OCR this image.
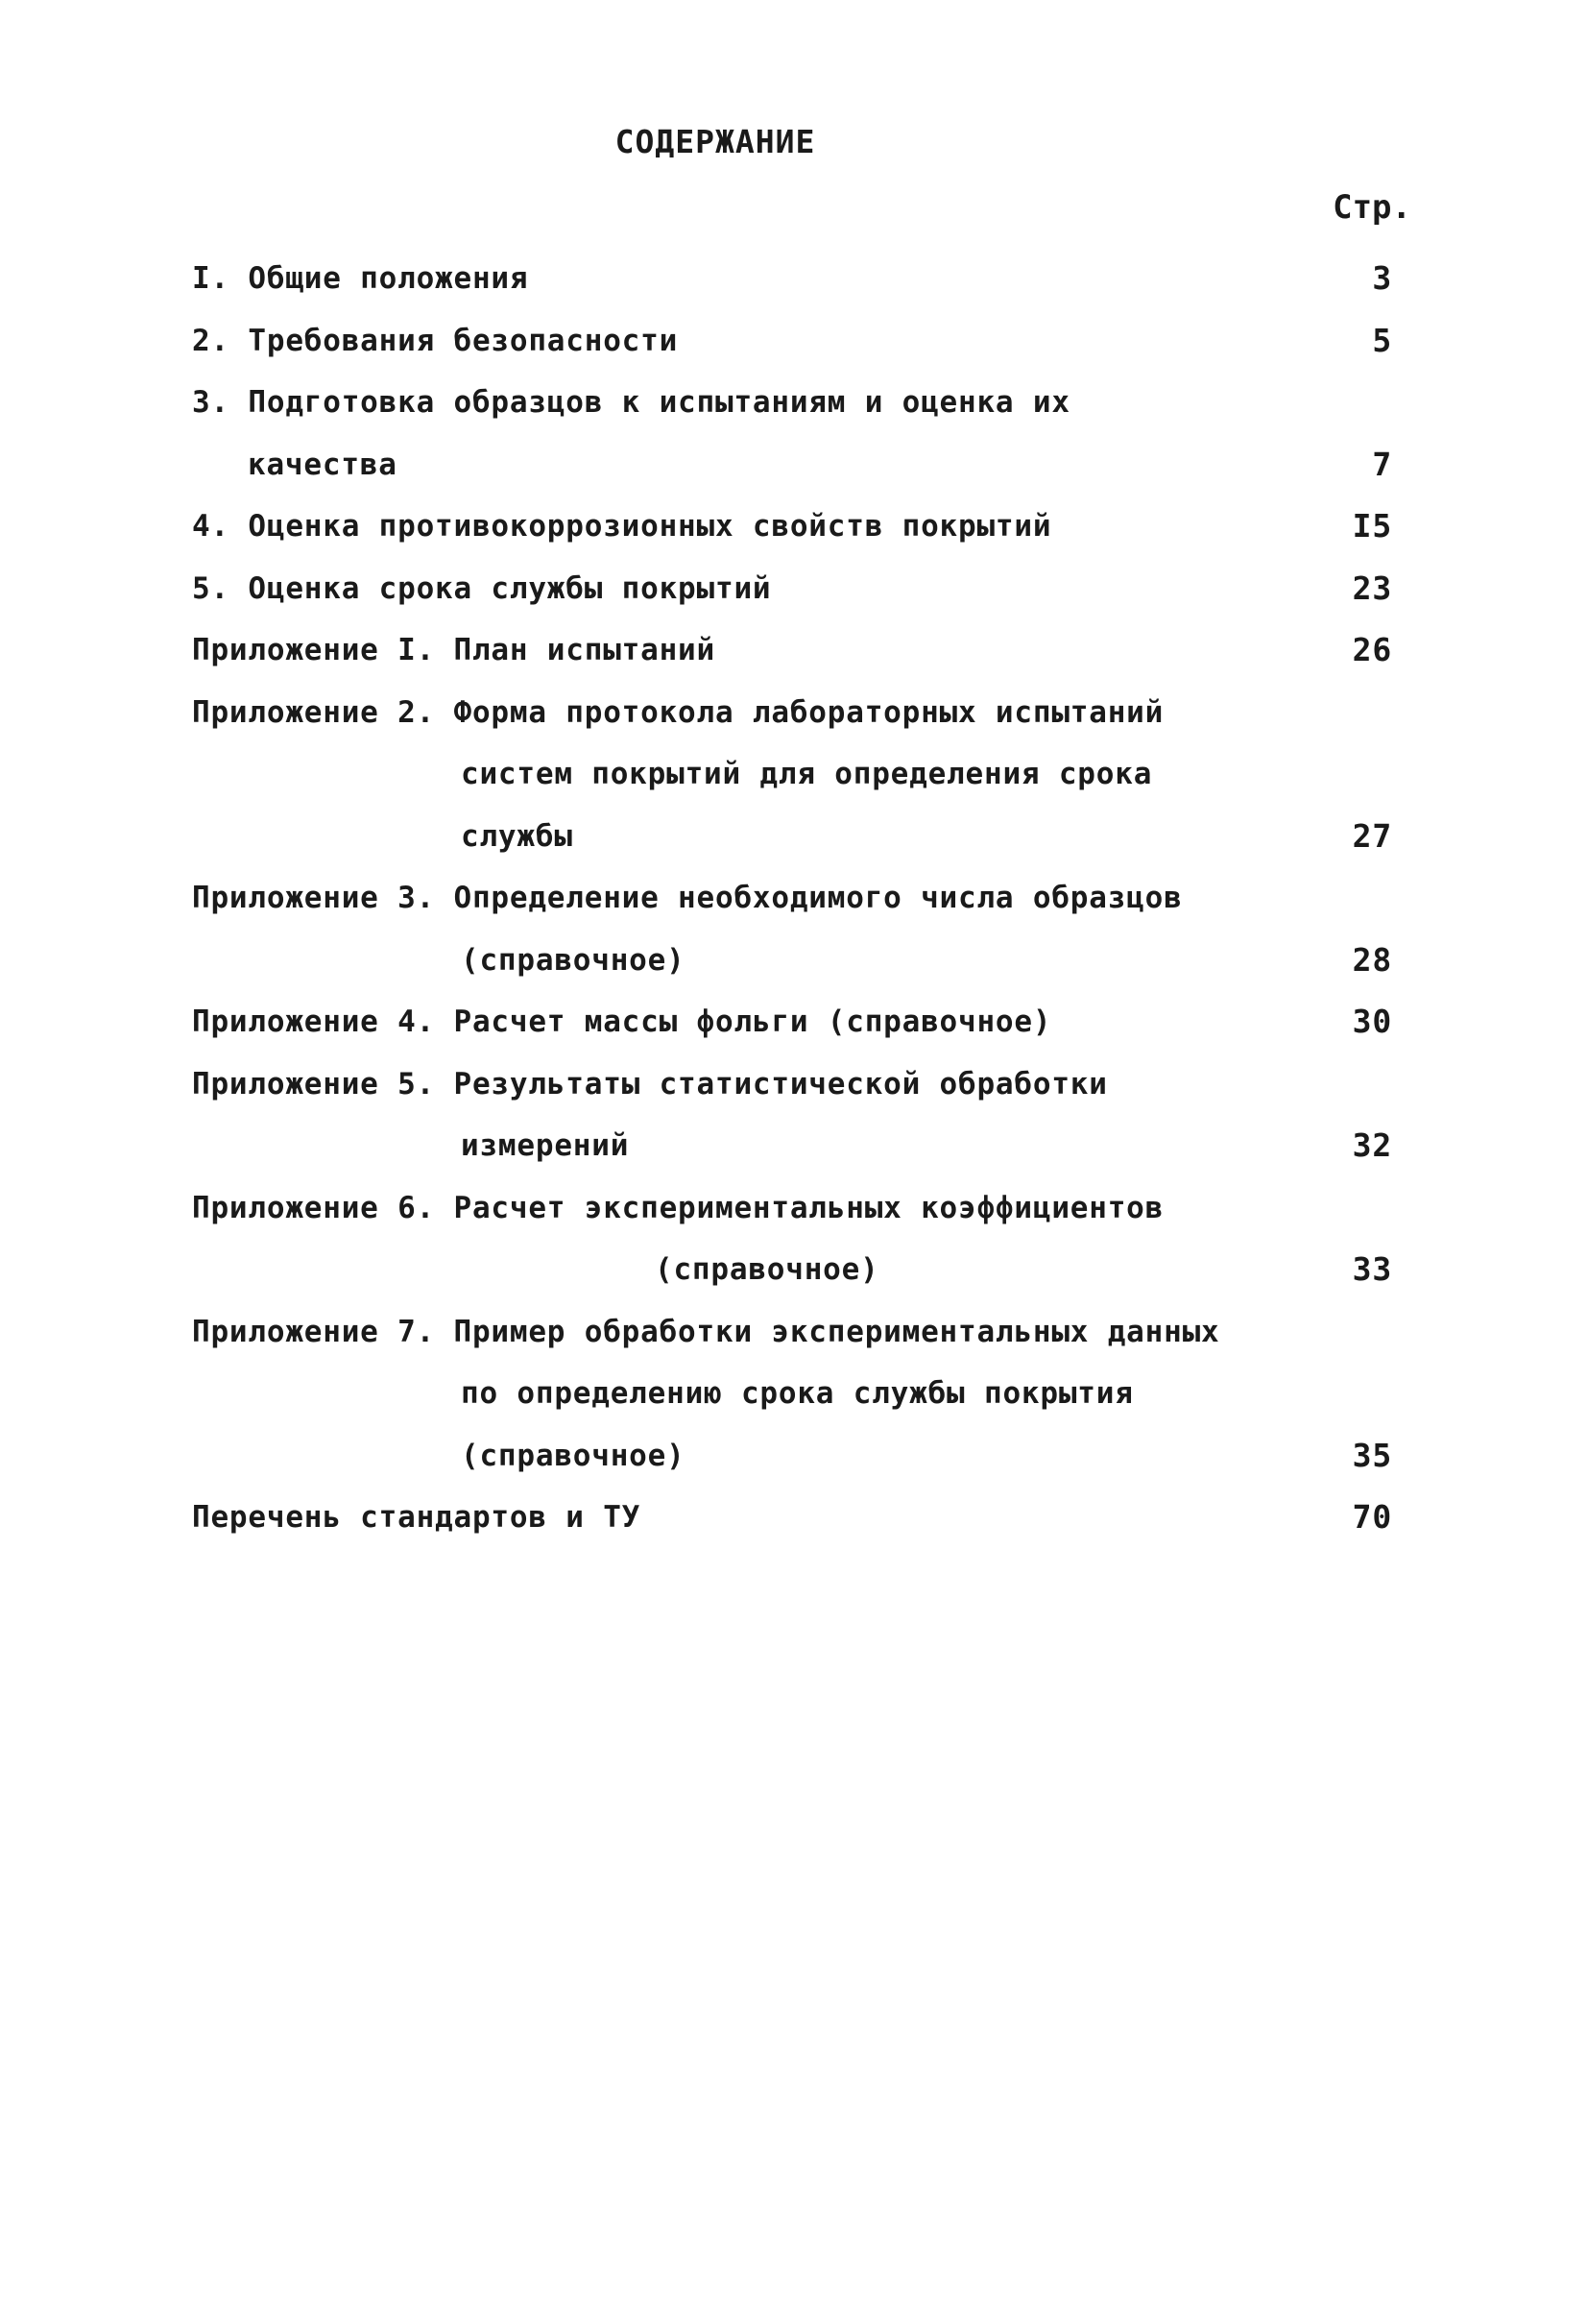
СОДЕРЖАНИЕ
Стр.
I. Общие положения	3
2. Требования безопасности	5
3. Подготовка образцов к испытаниям и оценка их
качества	7
4. Оценка противокоррозионных свойств покрытий	I5
5. Оценка срока службы покрытий	23
Приложение I. План испытаний	26
Приложение 2. Форма протокола лабораторных испытаний
систем покрытий для определения срока
службы	27
Приложение 3. Определение необходимого числа образцов
(справочное)	28
Приложение 4. Расчет массы фольги (справочное)	30
Приложение 5. Результаты статистической обработки
измерений	32
Приложение 6. Расчет экспериментальных коэффициентов
(справочное)	33
Приложение 7. Пример обработки экспериментальных данных
по определению срока службы покрытия
(справочное)	35
Перечень стандартов и ТУ	70
